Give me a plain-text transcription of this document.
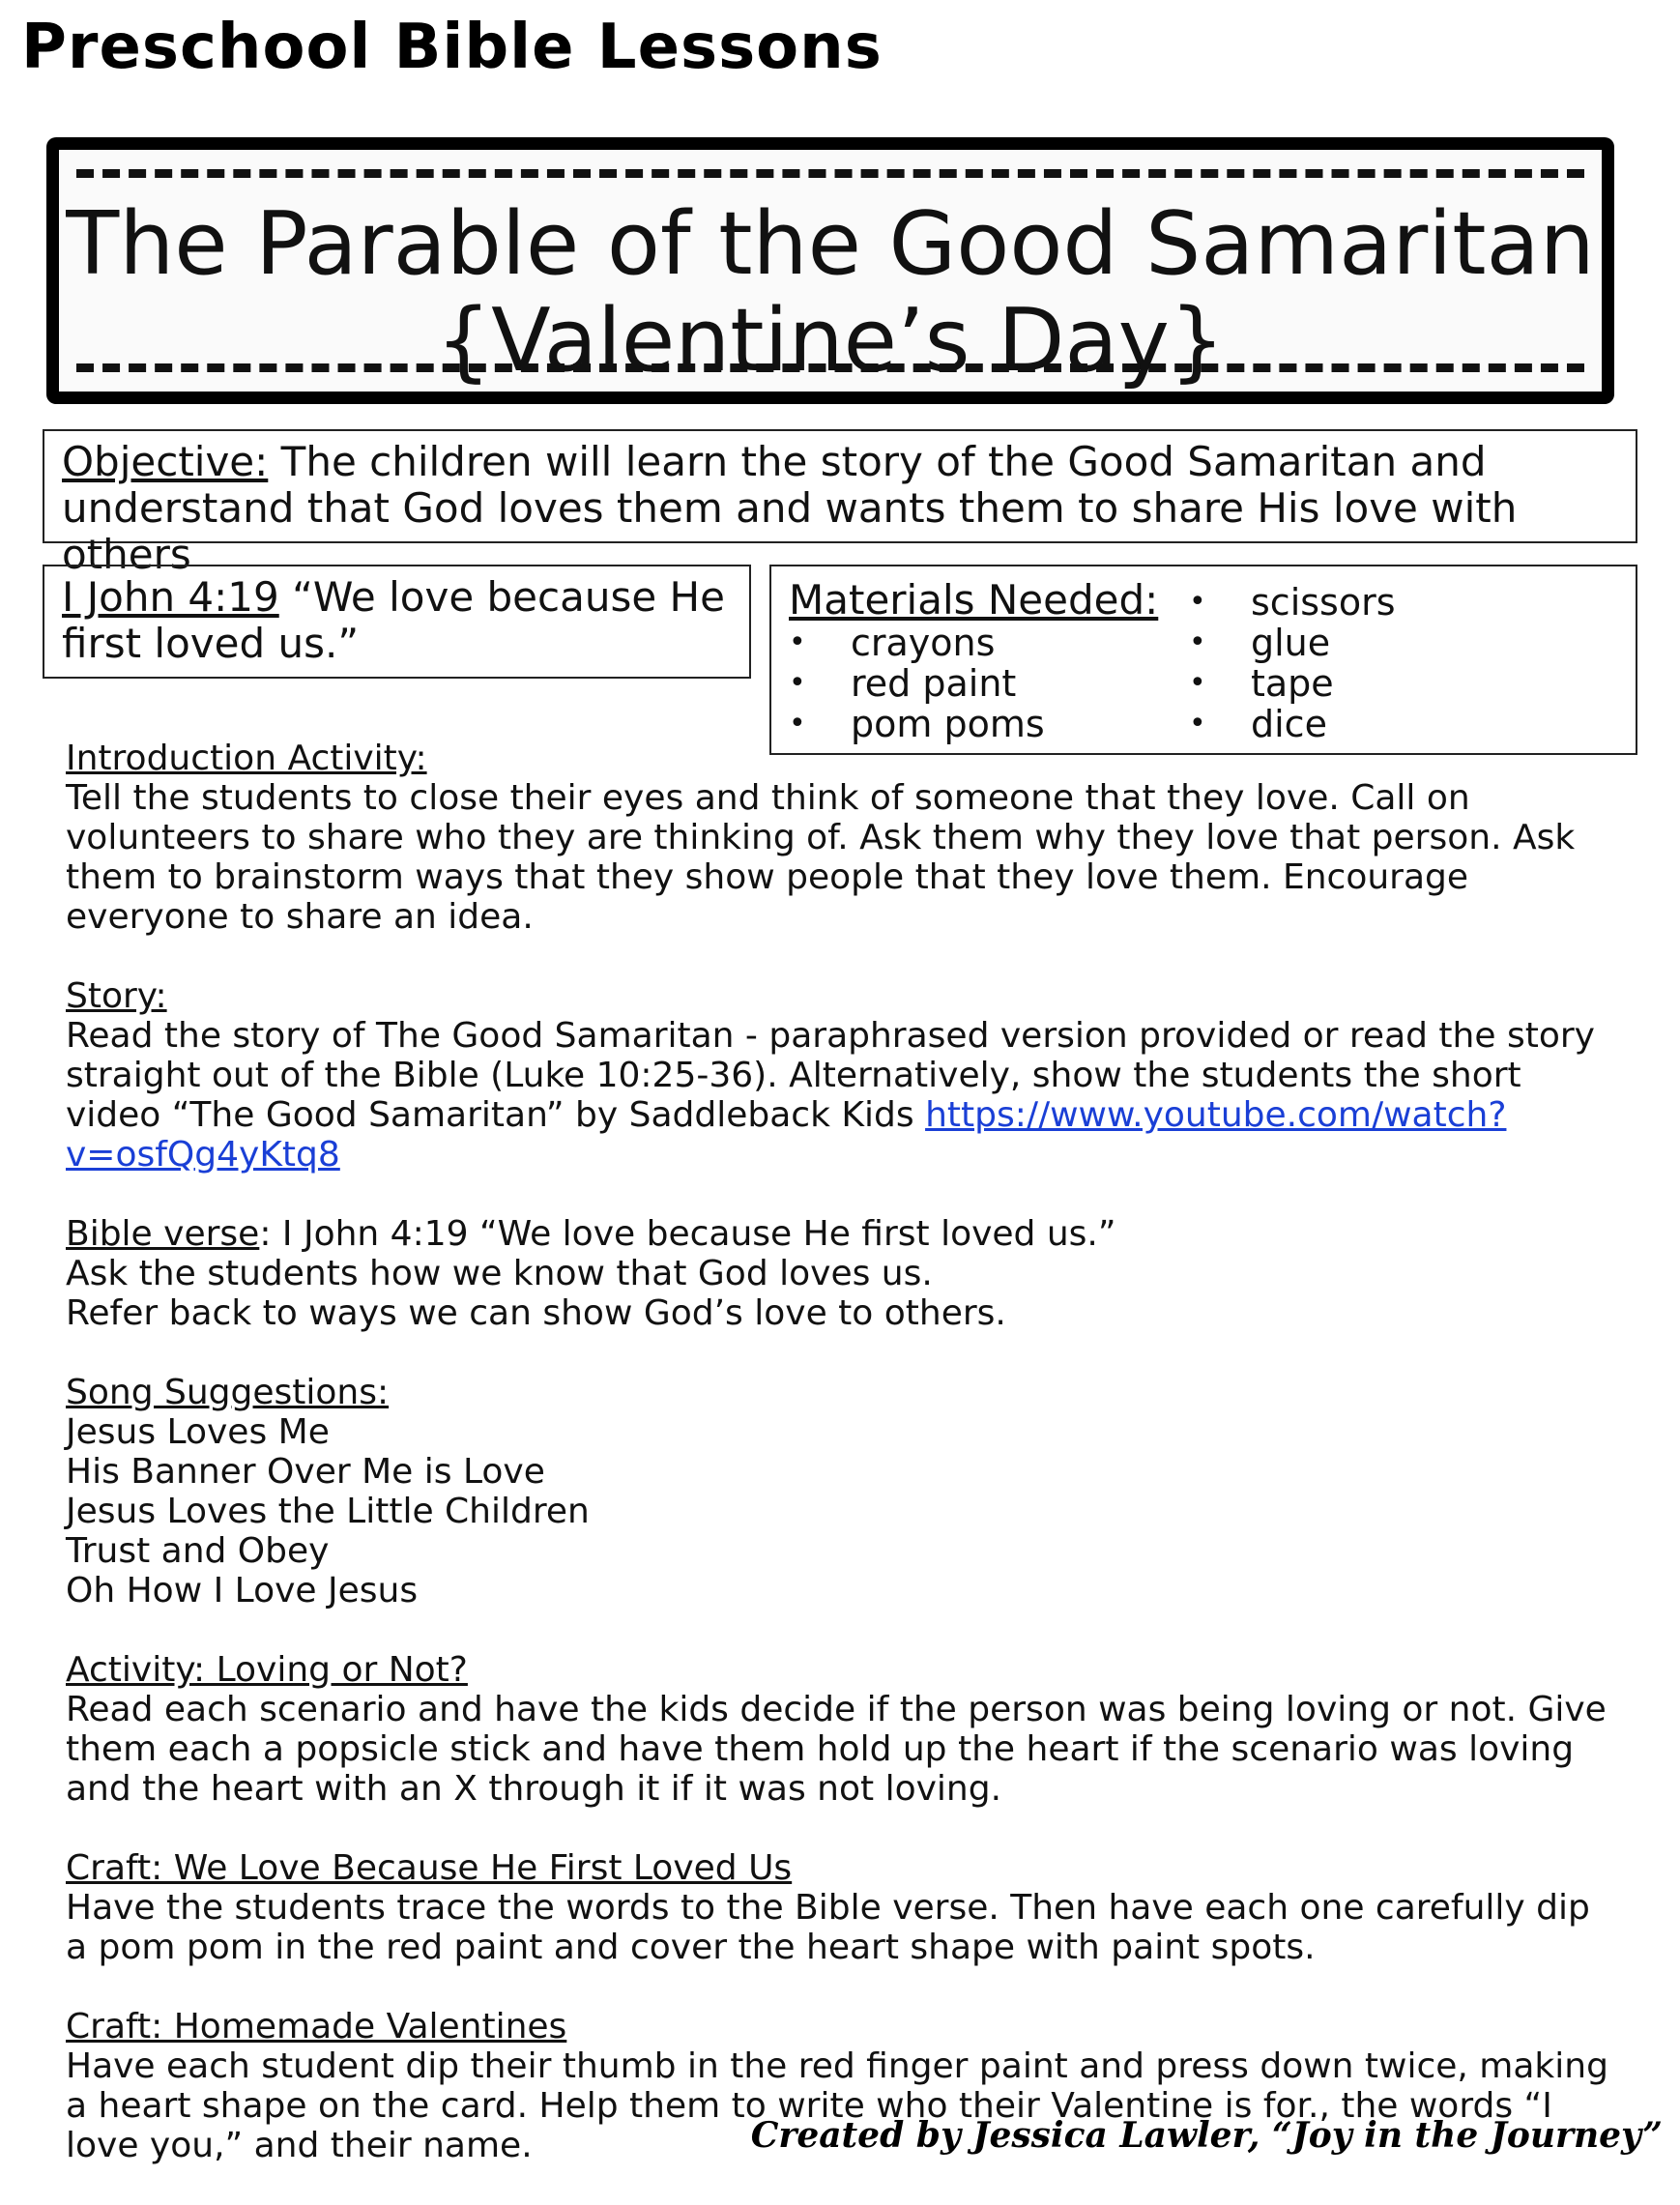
Preschool Bible Lessons
The Parable of the Good Samaritan
{Valentine’s Day}
Objective: The children will learn the story of the Good Samaritan and understand that God loves them and wants them to share His love with others
I John 4:19 “We love because He first loved us.”
Materials Needed:
• crayons
• red paint
• pom poms
• scissors
• glue
• tape
• dice
Introduction Activity:

Tell the students to close their eyes and think of someone that they love. Call on volunteers to share who they are thinking of. Ask them why they love that person. Ask them to brainstorm ways that they show people that they love them. Encourage everyone to share an idea.

Story:

Read the story of The Good Samaritan - paraphrased version provided or read the story straight out of the Bible (Luke 10:25-36). Alternatively, show the students the short video “The Good Samaritan” by Saddleback Kids https://www.youtube.com/watch?v=osfQg4yKtq8

Bible verse: I John 4:19 “We love because He first loved us.”

Ask the students how we know that God loves us.

Refer back to ways we can show God’s love to others.

Song Suggestions:

Jesus Loves Me

His Banner Over Me is Love

Jesus Loves the Little Children

Trust and Obey

Oh How I Love Jesus

Activity: Loving or Not?

Read each scenario and have the kids decide if the person was being loving or not. Give them each a popsicle stick and have them hold up the heart if the scenario was loving and the heart with an X through it if it was not loving.

Craft: We Love Because He First Loved Us

Have the students trace the words to the Bible verse. Then have each one carefully dip a pom pom in the red paint and cover the heart shape with paint spots.

Craft: Homemade Valentines

Have each student dip their thumb in the red finger paint and press down twice, making a heart shape on the card. Help them to write who their Valentine is for., the words “I love you,” and their name.	Created by Jessica Lawler, “Joy in the Journey”
